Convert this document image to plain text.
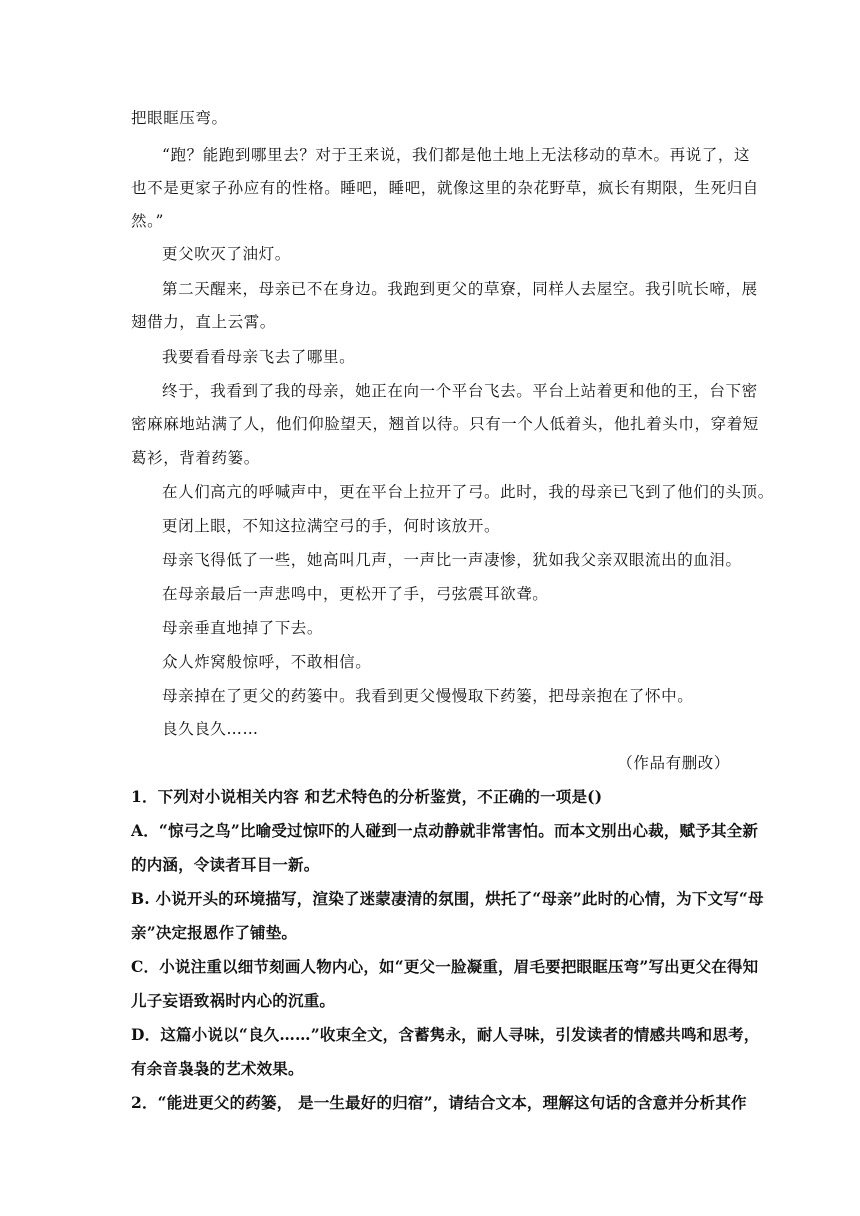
把眼眶压弯。
“跑？能跑到哪里去？对于王来说，我们都是他土地上无法移动的草木。再说了，这
也不是更家子孙应有的性格。睡吧，睡吧，就像这里的杂花野草，疯长有期限，生死归自
然。”
更父吹灭了油灯。
第二天醒来，母亲已不在身边。我跑到更父的草寮，同样人去屋空。我引吭长啼，展
翅借力，直上云霄。
我要看看母亲飞去了哪里。
终于，我看到了我的母亲，她正在向一个平台飞去。平台上站着更和他的王，台下密
密麻麻地站满了人，他们仰脸望天，翘首以待。只有一个人低着头，他扎着头巾，穿着短
葛衫，背着药篓。
在人们高亢的呼喊声中，更在平台上拉开了弓。此时，我的母亲已飞到了他们的头顶。
更闭上眼，不知这拉满空弓的手，何时该放开。
母亲飞得低了一些，她高叫几声，一声比一声凄惨，犹如我父亲双眼流出的血泪。
在母亲最后一声悲鸣中，更松开了手，弓弦震耳欲聋。
母亲垂直地掉了下去。
众人炸窝般惊呼，不敢相信。
母亲掉在了更父的药篓中。我看到更父慢慢取下药篓，把母亲抱在了怀中。
良久良久……
（作品有删改）
1．下列对小说相关内容 和艺术特色的分析鉴赏，不正确的一项是()
A．“惊弓之鸟”比喻受过惊吓的人碰到一点动静就非常害怕。而本文别出心裁，赋予其全新
的内涵，令读者耳目一新。
B. 小说开头的环境描写，渲染了迷蒙凄清的氛围，烘托了“母亲”此时的心情，为下文写“母
亲”决定报恩作了铺垫。
C．小说注重以细节刻画人物内心，如“更父一脸凝重，眉毛要把眼眶压弯”写出更父在得知
儿子妄语致祸时内心的沉重。
D．这篇小说以“良久……”收束全文，含蓄隽永，耐人寻味，引发读者的情感共鸣和思考，
有余音袅袅的艺术效果。
2．“能进更父的药篓， 是一生最好的归宿”，请结合文本，理解这句话的含意并分析其作
